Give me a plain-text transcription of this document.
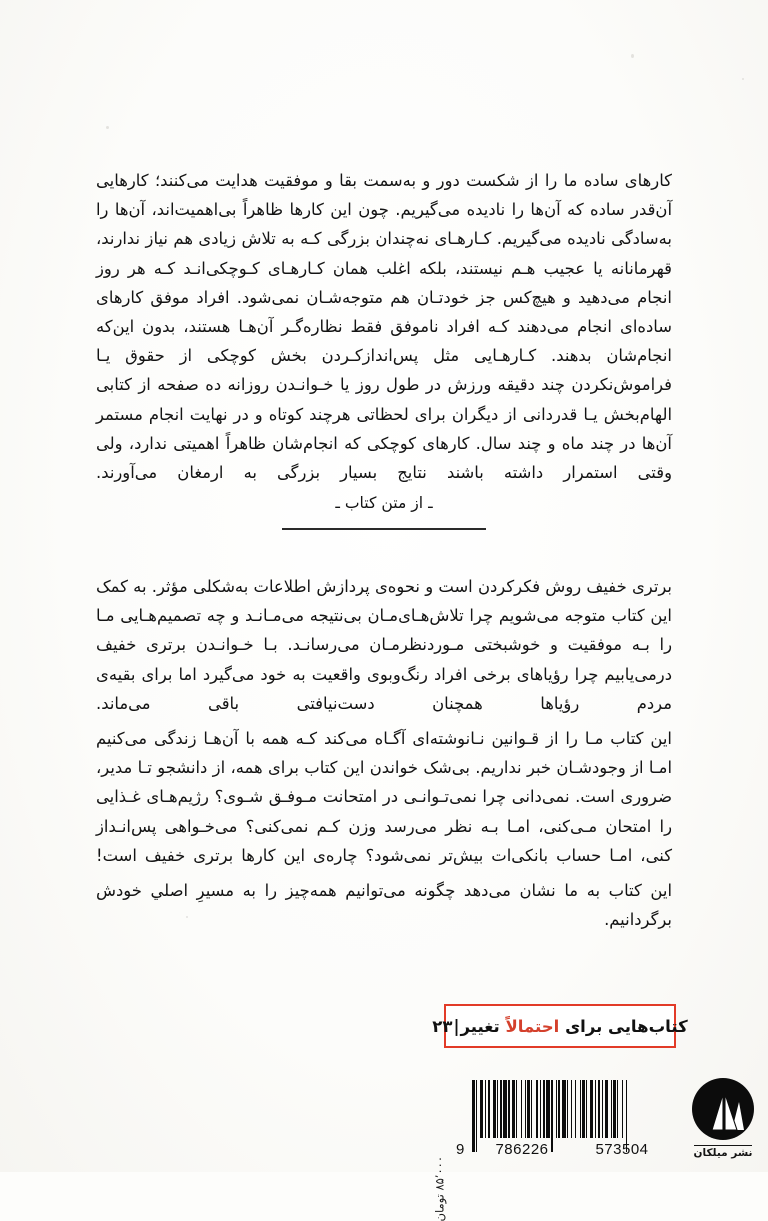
کارهای ساده ما را از شکست دور و به‌سمت بقا و موفقیت هدایت می‌کنند؛ کارهایی آن‌قدر ساده که آن‌ها را نادیده می‌گیریم. چون این کارها ظاهراً بی‌اهمیت‌اند، آن‌ها را به‌سادگی نادیده می‌گیریم. کـارهـای نه‌چندان بزرگی کـه به تلاش زیادی هم نیاز ندارند، قهرمانانه یا عجیب هـم نیستند، بلکه اغلب همان کـارهـای کـوچکی‌انـد کـه هر روز انجام می‌دهید و هیچ‌کس جز خودتـان هم متوجه‌شـان نمی‌شود. افراد موفق کارهای ساده‌ای انجام می‌دهند کـه افراد ناموفق فقط نظاره‌گـر آن‌هـا هستند، بدون این‌که انجام‌شان بدهند. کـارهـایی مثل پس‌اندازکـردن بخش کوچکی از حقوق یـا فراموش‌نکردن چند دقیقه ورزش در طول روز یا خـوانـدن روزانه ده صفحه از کتابی الهام‌بخش یـا قدردانی از دیگران برای لحظاتی هرچند کوتاه و در نهایت انجام مستمر آن‌ها در چند ماه و چند سال. کارهای کوچکی که انجام‌شان ظاهراً اهمیتی ندارد، ولی وقتی استمرار داشته باشند نتایج بسیار بزرگی به ارمغان می‌آورند.

ـ از متن کتاب ـ

برتری خفیف روش فکرکردن است و نحوه‌ی پردازش اطلاعات به‌شکلی مؤثر. به کمک این کتاب متوجه می‌شویم چرا تلاش‌هـای‌مـان بی‌نتیجه می‌مـانـد و چه تصمیم‌هـایی مـا را بـه موفقیت و خوشبختی مـوردنظرمـان می‌رسانـد. بـا خـوانـدن برتری خفیف درمی‌یابیم چرا رؤیاهای برخی افراد رنگ‌وبوی واقعیت به خود می‌گیرد اما برای بقیه‌ی مردم رؤیاها همچنان دست‌نیافتی باقی می‌ماند.

این کتاب مـا را از قـوانین نـانوشته‌ای آگـاه می‌کند کـه همه با آن‌هـا زندگی می‌کنیم امـا از وجودشـان خبر نداریم. بی‌شک خواندن این کتاب برای همه، از دانشجو تـا مدیر، ضروری است. نمی‌دانی چرا نمی‌تـوانـی در امتحانت مـوفـق شـوی؟ رژیم‌هـای غـذایی را امتحان مـی‌کنی، امـا بـه نظر می‌رسد وزن کـم نمی‌کنی؟ می‌خـواهی پس‌انـداز کنی، امـا حساب بانکی‌ات بیش‌تر نمی‌شود؟ چاره‌ی این کارها برتری خفیف است!

این کتاب به ما نشان می‌دهد چگونه می‌توانیم همه‌چیز را به مسیرِ اصلي خودش برگردانیم.

کتاب‌هایی برای احتمالاً تغییر|۲۳
۸۵٬۰۰۰ تومان
9 786226	573504	نشر میلکان
